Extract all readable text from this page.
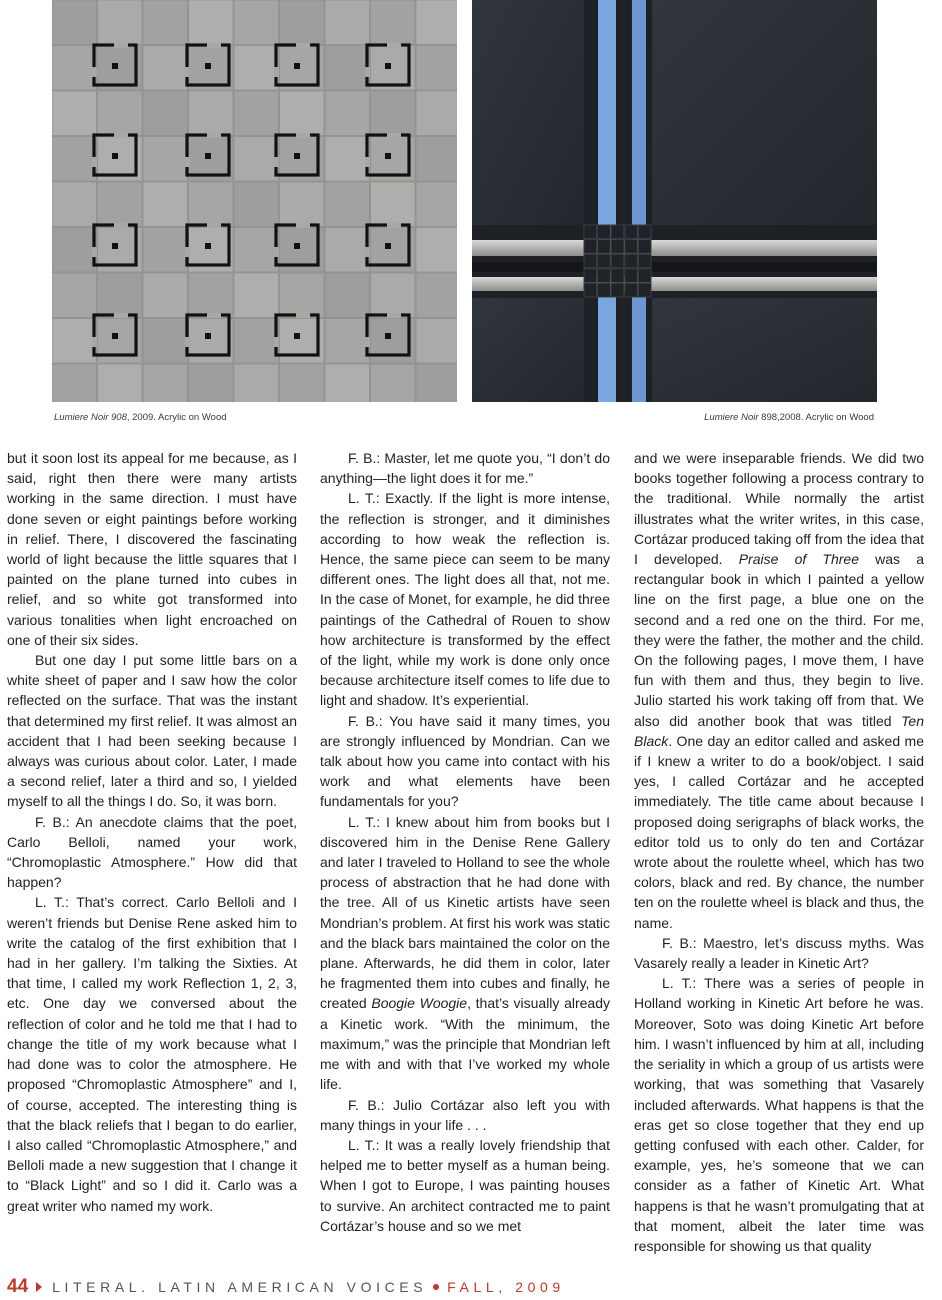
Lumiere Noir 908, 2009. Acrylic on Wood	Lumiere Noir 898,2008. Acrylic on Wood

but it soon lost its appeal for me because, as I said, right then there were many artists working in the same direction. I must have done seven or eight paintings before working in relief. There, I discovered the fascinating world of light because the little squares that I painted on the plane turned into cubes in relief, and so white got transformed into various tonalities when light encroached on one of their six sides.

But one day I put some little bars on a white sheet of paper and I saw how the color reflected on the surface. That was the instant that determined my first relief. It was almost an accident that I had been seeking because I always was curious about color. Later, I made a second relief, later a third and so, I yielded myself to all the things I do. So, it was born.

F. B.: An anecdote claims that the poet, Carlo Belloli, named your work, “Chromoplastic Atmosphere.” How did that happen?

L. T.: That’s correct. Carlo Belloli and I weren’t friends but Denise Rene asked him to write the catalog of the first exhibition that I had in her gallery. I’m talking the Sixties. At that time, I called my work Reflection 1, 2, 3, etc. One day we conversed about the reflection of color and he told me that I had to change the title of my work because what I had done was to color the atmosphere. He proposed “Chromoplastic Atmosphere” and I, of course, accepted. The interesting thing is that the black reliefs that I began to do earlier, I also called “Chromoplastic Atmosphere,” and Belloli made a new suggestion that I change it to “Black Light” and so I did it. Carlo was a great writer who named my work.

F. B.: Master, let me quote you, “I don’t do anything—the light does it for me.”

L. T.: Exactly. If the light is more intense, the reflection is stronger, and it diminishes according to how weak the reflection is. Hence, the same piece can seem to be many different ones. The light does all that, not me. In the case of Monet, for example, he did three paintings of the Cathedral of Rouen to show how architecture is transformed by the effect of the light, while my work is done only once because architecture itself comes to life due to light and shadow. It’s experiential.

F. B.: You have said it many times, you are strongly influenced by Mondrian. Can we talk about how you came into contact with his work and what elements have been fundamentals for you?

L. T.: I knew about him from books but I discovered him in the Denise Rene Gallery and later I traveled to Holland to see the whole process of abstraction that he had done with the tree. All of us Kinetic artists have seen Mondrian’s problem. At first his work was static and the black bars maintained the color on the plane. Afterwards, he did them in color, later he fragmented them into cubes and finally, he created Boogie Woogie, that’s visually already a Kinetic work. “With the minimum, the maximum,” was the principle that Mondrian left me with and with that I’ve worked my whole life.

F. B.: Julio Cortázar also left you with many things in your life . . .

L. T.: It was a really lovely friendship that helped me to better myself as a human being. When I got to Europe, I was painting houses to survive. An architect contracted me to paint Cortázar’s house and so we met

and we were inseparable friends. We did two books together following a process contrary to the traditional. While normally the artist illustrates what the writer writes, in this case, Cortázar produced taking off from the idea that I developed. Praise of Three was a rectangular book in which I painted a yellow line on the first page, a blue one on the second and a red one on the third. For me, they were the father, the mother and the child. On the following pages, I move them, I have fun with them and thus, they begin to live. Julio started his work taking off from that. We also did another book that was titled Ten Black. One day an editor called and asked me if I knew a writer to do a book/object. I said yes, I called Cortázar and he accepted immediately. The title came about because I proposed doing serigraphs of black works, the editor told us to only do ten and Cortázar wrote about the roulette wheel, which has two colors, black and red. By chance, the number ten on the roulette wheel is black and thus, the name.

F. B.: Maestro, let’s discuss myths. Was Vasarely really a leader in Kinetic Art?

L. T.: There was a series of people in Holland working in Kinetic Art before he was. Moreover, Soto was doing Kinetic Art before him. I wasn’t influenced by him at all, including the seriality in which a group of us artists were working, that was something that Vasarely included afterwards. What happens is that the eras get so close together that they end up getting confused with each other. Calder, for example, yes, he’s someone that we can consider as a father of Kinetic Art. What happens is that he wasn’t promulgating that at that moment, albeit the later time was responsible for showing us that quality

44 LITERAL. LATIN AMERICAN VOICES FALL, 2009
